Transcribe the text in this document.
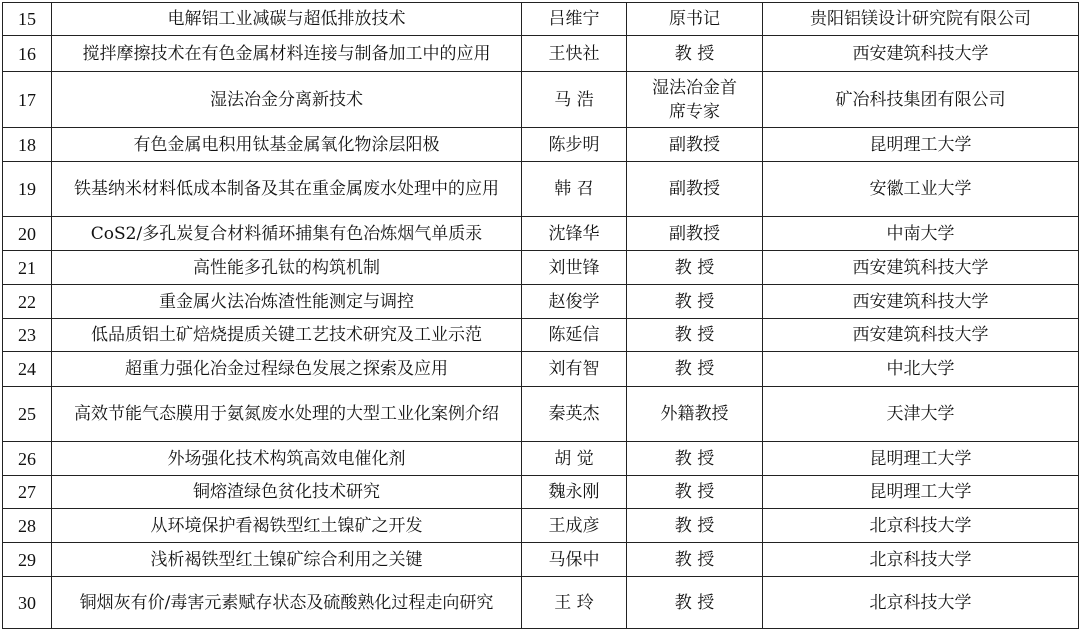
15	电解铝工业减碳与超低排放技术	吕维宁	原书记	贵阳铝镁设计研究院有限公司
16	搅拌摩擦技术在有色金属材料连接与制备加工中的应用	王快社	教 授	西安建筑科技大学
17	湿法冶金分离新技术	马 浩	湿法冶金首席专家	矿冶科技集团有限公司
18	有色金属电积用钛基金属氧化物涂层阳极	陈步明	副教授	昆明理工大学
19	铁基纳米材料低成本制备及其在重金属废水处理中的应用	韩 召	副教授	安徽工业大学
20	CoS2/多孔炭复合材料循环捕集有色冶炼烟气单质汞	沈锋华	副教授	中南大学
21	高性能多孔钛的构筑机制	刘世锋	教 授	西安建筑科技大学
22	重金属火法冶炼渣性能测定与调控	赵俊学	教 授	西安建筑科技大学
23	低品质铝土矿焙烧提质关键工艺技术研究及工业示范	陈延信	教 授	西安建筑科技大学
24	超重力强化冶金过程绿色发展之探索及应用	刘有智	教 授	中北大学
25	高效节能气态膜用于氨氮废水处理的大型工业化案例介绍	秦英杰	外籍教授	天津大学
26	外场强化技术构筑高效电催化剂	胡 觉	教 授	昆明理工大学
27	铜熔渣绿色贫化技术研究	魏永刚	教 授	昆明理工大学
28	从环境保护看褐铁型红土镍矿之开发	王成彦	教 授	北京科技大学
29	浅析褐铁型红土镍矿综合利用之关键	马保中	教 授	北京科技大学
30	铜烟灰有价/毒害元素赋存状态及硫酸熟化过程走向研究	王 玲	教 授	北京科技大学
